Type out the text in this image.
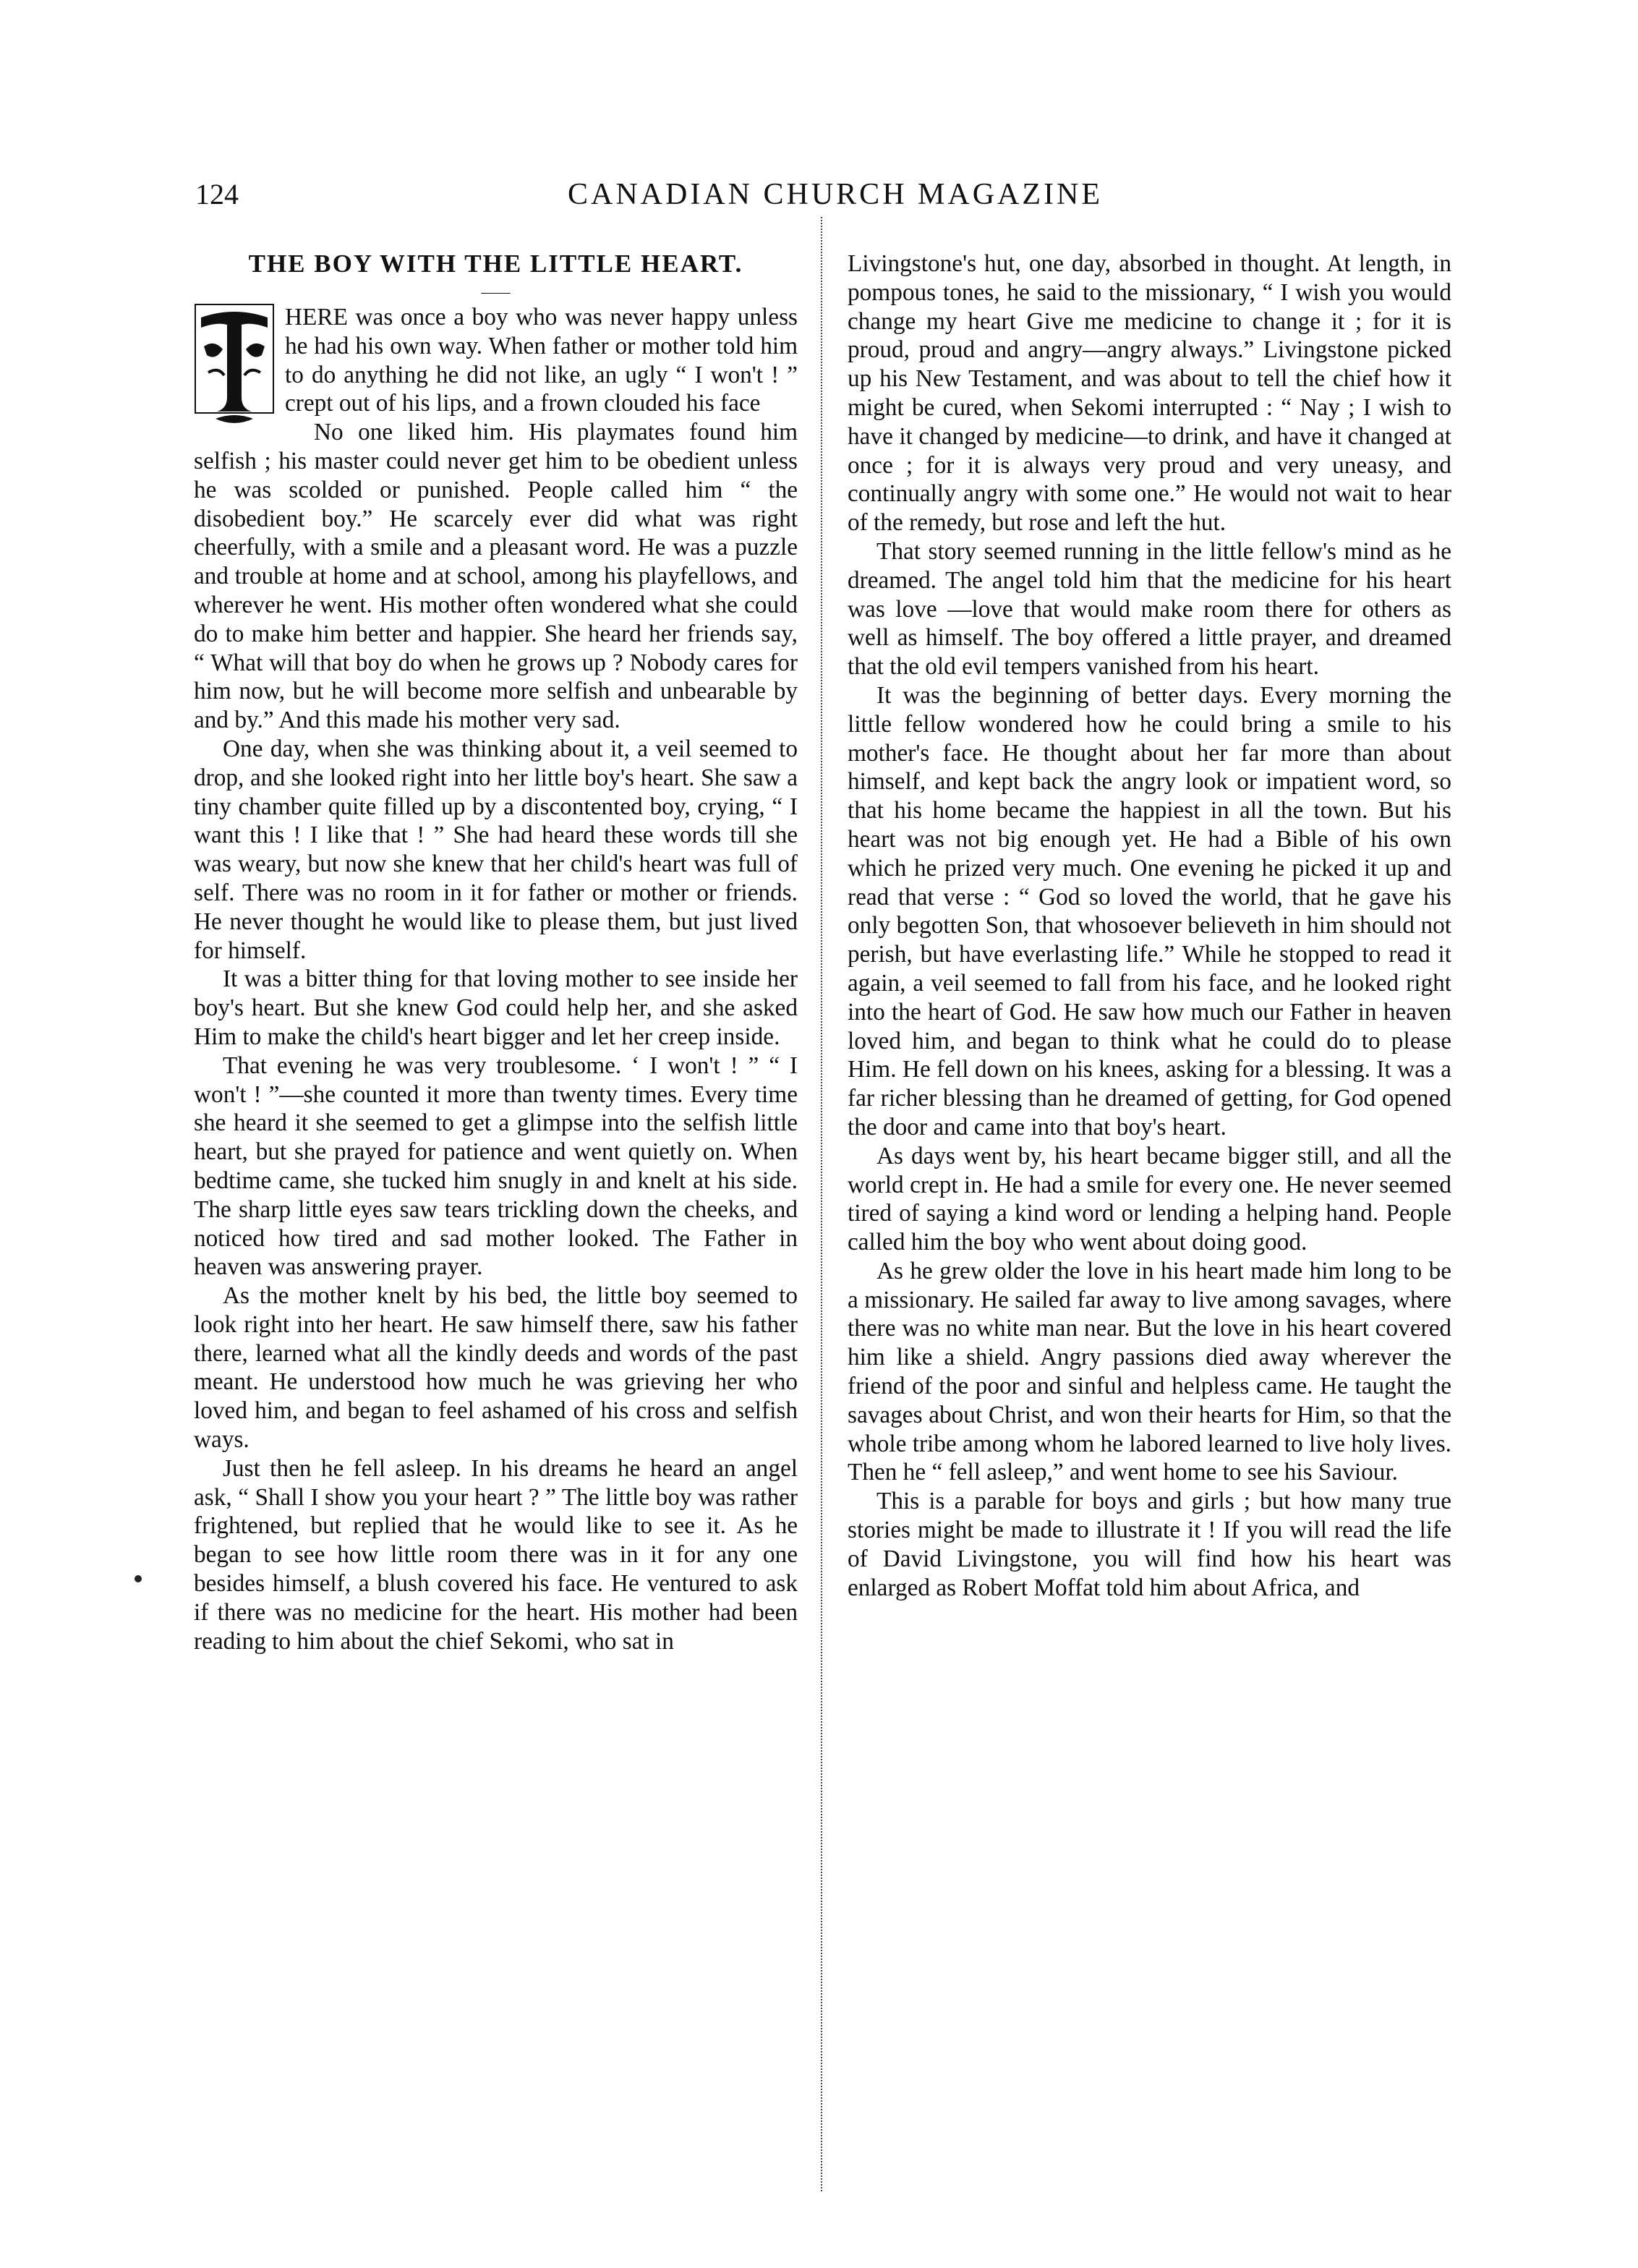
124	CANADIAN CHURCH MAGAZINE
THE BOY WITH THE LITTLE HEART.
——

HERE was once a boy who was never happy unless he had his own way. When father or mother told him to do anything he did not like, an ugly “ I won't ! ” crept out of his lips, and a frown clouded his face

No one liked him. His playmates found him selfish ; his master could never get him to be obedient unless he was scolded or punished. People called him “ the disobedient boy.” He scarcely ever did what was right cheerfully, with a smile and a pleasant word. He was a puzzle and trouble at home and at school, among his playfellows, and wherever he went. His mother often wondered what she could do to make him better and happier. She heard her friends say, “ What will that boy do when he grows up ? Nobody cares for him now, but he will become more selfish and unbearable by and by.” And this made his mother very sad.

One day, when she was thinking about it, a veil seemed to drop, and she looked right into her little boy's heart. She saw a tiny chamber quite filled up by a discontented boy, crying, “ I want this ! I like that ! ” She had heard these words till she was weary, but now she knew that her child's heart was full of self. There was no room in it for father or mother or friends. He never thought he would like to please them, but just lived for himself.

It was a bitter thing for that loving mother to see inside her boy's heart. But she knew God could help her, and she asked Him to make the child's heart bigger and let her creep inside.

That evening he was very troublesome. ‘ I won't ! ” “ I won't ! ”—she counted it more than twenty times. Every time she heard it she seemed to get a glimpse into the selfish little heart, but she prayed for patience and went quietly on. When bedtime came, she tucked him snugly in and knelt at his side. The sharp little eyes saw tears trickling down the cheeks, and noticed how tired and sad mother looked. The Father in heaven was answering prayer.

As the mother knelt by his bed, the little boy seemed to look right into her heart. He saw himself there, saw his father there, learned what all the kindly deeds and words of the past meant. He understood how much he was grieving her who loved him, and began to feel ashamed of his cross and selfish ways.

Just then he fell asleep. In his dreams he heard an angel ask, “ Shall I show you your heart ? ” The little boy was rather frightened, but replied that he would like to see it. As he began to see how little room there was in it for any one besides himself, a blush covered his face. He ventured to ask if there was no medicine for the heart. His mother had been reading to him about the chief Sekomi, who sat in

Livingstone's hut, one day, absorbed in thought. At length, in pompous tones, he said to the missionary, “ I wish you would change my heart Give me medicine to change it ; for it is proud, proud and angry—angry always.” Livingstone picked up his New Testament, and was about to tell the chief how it might be cured, when Sekomi interrupted : “ Nay ; I wish to have it changed by medicine—to drink, and have it changed at once ; for it is always very proud and very uneasy, and continually angry with some one.” He would not wait to hear of the remedy, but rose and left the hut.

That story seemed running in the little fellow's mind as he dreamed. The angel told him that the medicine for his heart was love —love that would make room there for others as well as himself. The boy offered a little prayer, and dreamed that the old evil tempers vanished from his heart.

It was the beginning of better days. Every morning the little fellow wondered how he could bring a smile to his mother's face. He thought about her far more than about himself, and kept back the angry look or impatient word, so that his home became the happiest in all the town. But his heart was not big enough yet. He had a Bible of his own which he prized very much. One evening he picked it up and read that verse : “ God so loved the world, that he gave his only begotten Son, that whosoever believeth in him should not perish, but have everlasting life.” While he stopped to read it again, a veil seemed to fall from his face, and he looked right into the heart of God. He saw how much our Father in heaven loved him, and began to think what he could do to please Him. He fell down on his knees, asking for a blessing. It was a far richer blessing than he dreamed of getting, for God opened the door and came into that boy's heart.

As days went by, his heart became bigger still, and all the world crept in. He had a smile for every one. He never seemed tired of saying a kind word or lending a helping hand. People called him the boy who went about doing good.

As he grew older the love in his heart made him long to be a missionary. He sailed far away to live among savages, where there was no white man near. But the love in his heart covered him like a shield. Angry passions died away wherever the friend of the poor and sinful and helpless came. He taught the savages about Christ, and won their hearts for Him, so that the whole tribe among whom he labored learned to live holy lives. Then he “ fell asleep,” and went home to see his Saviour.

This is a parable for boys and girls ; but how many true stories might be made to illustrate it ! If you will read the life of David Livingstone, you will find how his heart was enlarged as Robert Moffat told him about Africa, and
